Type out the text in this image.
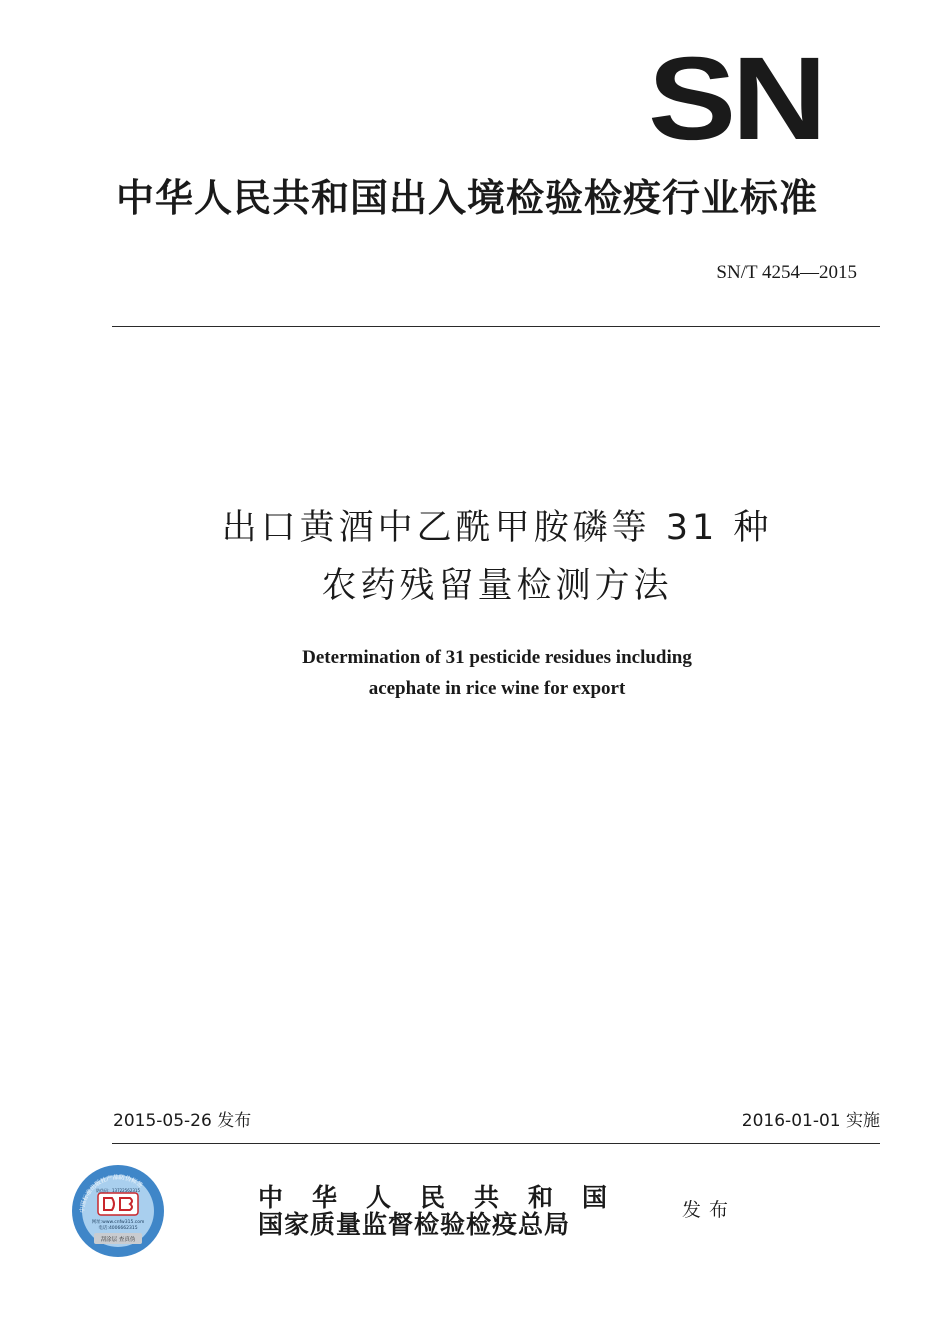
SN
中华人民共和国出入境检验检疫行业标准
SN/T 4254—2015
出口黄酒中乙酰甲胺磷等 31 种
农药残留量检测方法
Determination of 31 pesticide residues including
acephate in rice wine for export
2015-05-26 发布	2016-01-01 实施
中国标准出版社产品防伪标签
防伪码：13722562315
网址:www.cnfw315.com
电话:4006662315
刮涂层 查真伪
中华人民共和国
国家质量监督检验检疫总局	发布
